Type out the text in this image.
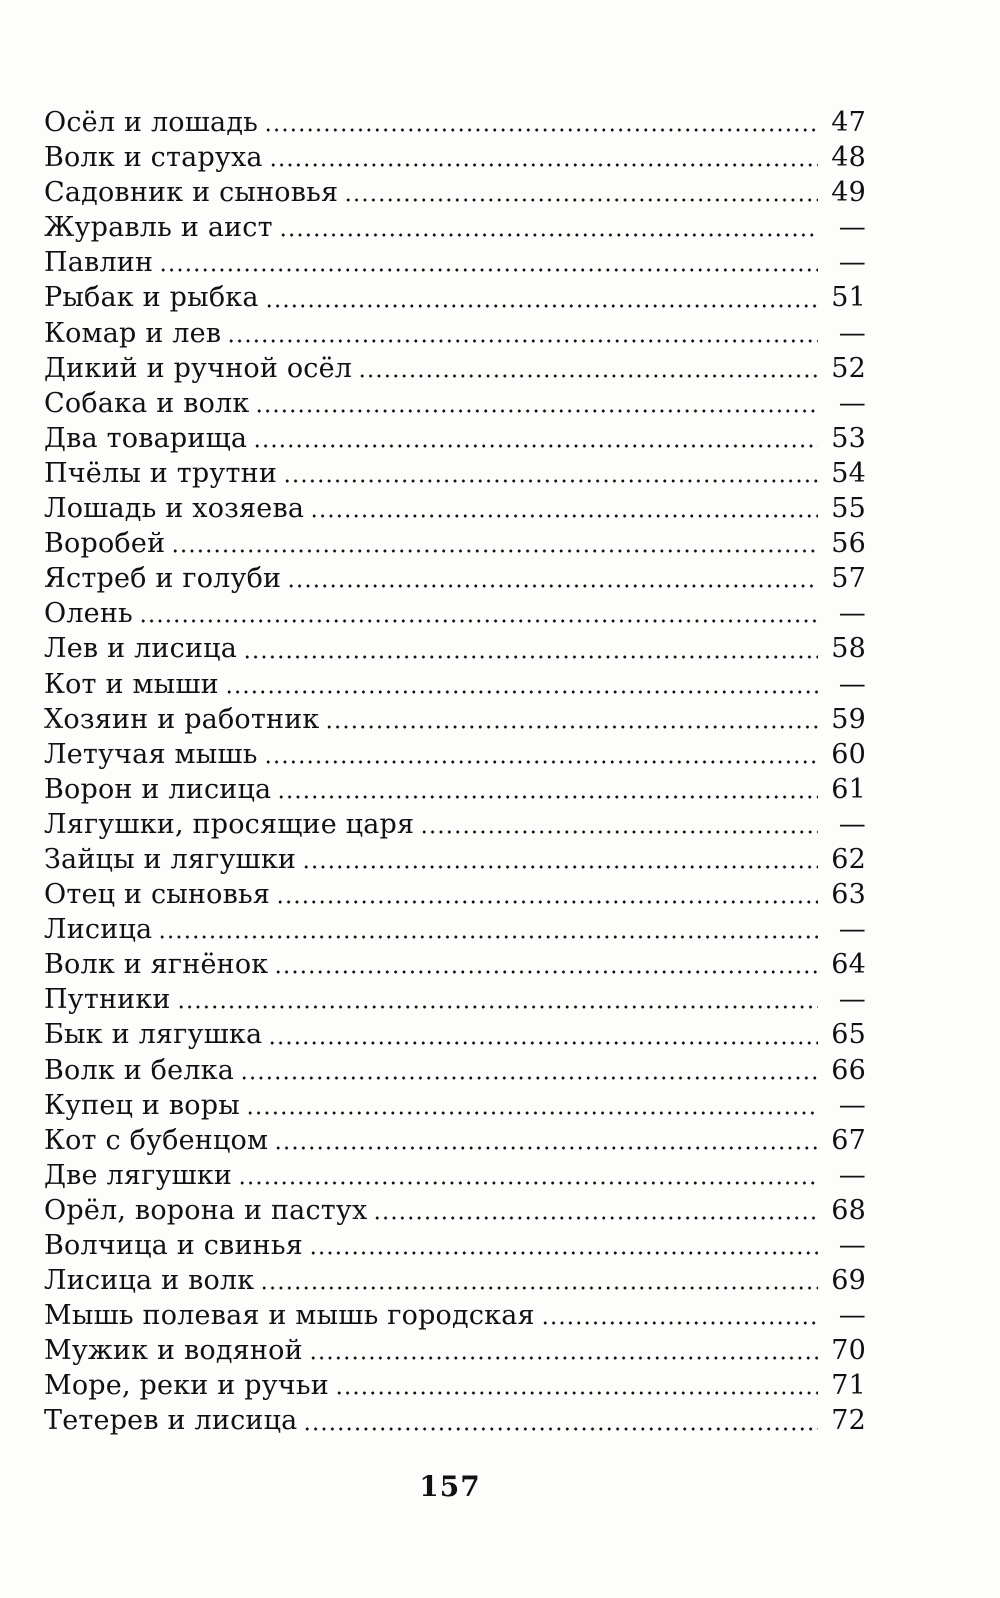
Осёл и лошадь	47
Волк и старуха	48
Садовник и сыновья	49
Журавль и аист	—
Павлин	—
Рыбак и рыбка	51
Комар и лев	—
Дикий и ручной осёл	52
Собака и волк	—
Два товарища	53
Пчёлы и трутни	54
Лошадь и хозяева	55
Воробей	56
Ястреб и голуби	57
Олень	—
Лев и лисица	58
Кот и мыши	—
Хозяин и работник	59
Летучая мышь	60
Ворон и лисица	61
Лягушки, просящие царя	—
Зайцы и лягушки	62
Отец и сыновья	63
Лисица	—
Волк и ягнёнок	64
Путники	—
Бык и лягушка	65
Волк и белка	66
Купец и воры	—
Кот с бубенцом	67
Две лягушки	—
Орёл, ворона и пастух	68
Волчица и свинья	—
Лисица и волк	69
Мышь полевая и мышь городская	—
Мужик и водяной	70
Море, реки и ручьи	71
Тетерев и лисица	72
157
